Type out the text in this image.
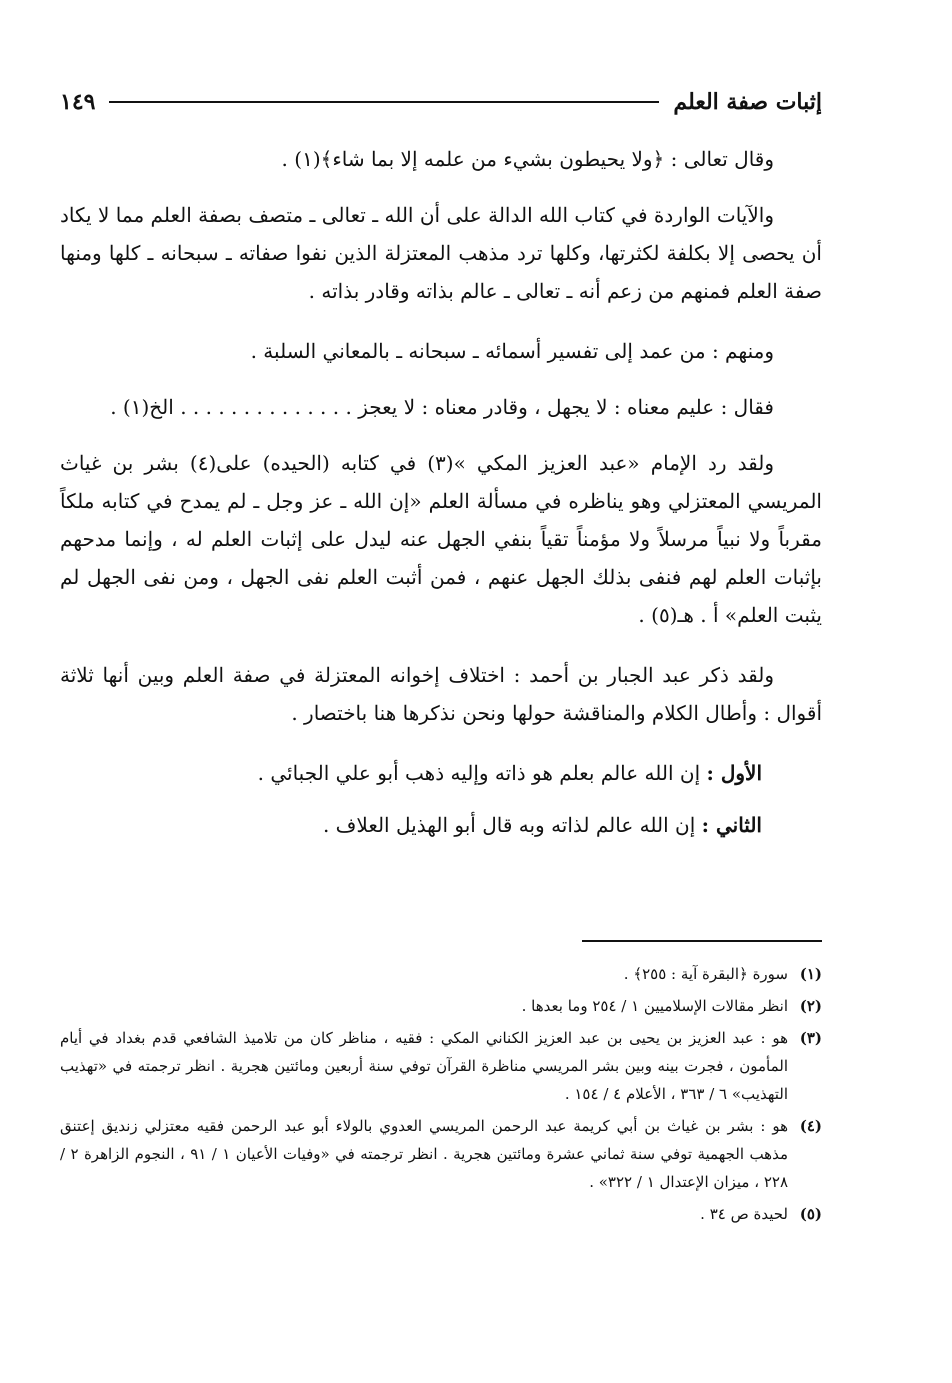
إثبات صفة العلم
١٤٩

وقال تعالى : ﴿ولا يحيطون بشيء من علمه إلا بما شاء﴾(١) .

والآيات الواردة في كتاب الله الدالة على أن الله ـ تعالى ـ متصف بصفة العلم مما لا يكاد أن يحصى إلا بكلفة لكثرتها، وكلها ترد مذهب المعتزلة الذين نفوا صفاته ـ سبحانه ـ كلها ومنها صفة العلم فمنهم من زعم أنه ـ تعالى ـ عالم بذاته وقادر بذاته .

ومنهم : من عمد إلى تفسير أسمائه ـ سبحانه ـ بالمعاني السلبة .

فقال : عليم معناه : لا يجهل ، وقادر معناه : لا يعجز . . . . . . . . . . . . . . الخ(١) .

ولقد رد الإمام «عبد العزيز المكي »(٣) في كتابه (الحيده) على(٤) بشر بن غياث المريسي المعتزلي وهو يناظره في مسألة العلم «إن الله ـ عز وجل ـ لم يمدح في كتابه ملكاً مقرباً ولا نبياً مرسلاً ولا مؤمناً تقياً بنفي الجهل عنه ليدل على إثبات العلم له ، وإنما مدحهم بإثبات العلم لهم فنفى بذلك الجهل عنهم ، فمن أثبت العلم نفى الجهل ، ومن نفى الجهل لم يثبت العلم» أ . هـ(٥) .

ولقد ذكر عبد الجبار بن أحمد : اختلاف إخوانه المعتزلة في صفة العلم وبين أنها ثلاثة أقوال : وأطال الكلام والمناقشة حولها ونحن نذكرها هنا باختصار .

الأول : إن الله عالم بعلم هو ذاته وإليه ذهب أبو علي الجبائي .

الثاني : إن الله عالم لذاته وبه قال أبو الهذيل العلاف .

(١)
سورة ﴿البقرة آية : ٢٥٥﴾ .
(٢)
انظر مقالات الإسلاميين ١ / ٢٥٤ وما بعدها .
(٣)
هو : عبد العزيز بن يحيى بن عبد العزيز الكناني المكي : فقيه ، مناظر كان من تلاميذ الشافعي قدم بغداد في أيام المأمون ، فجرت بينه وبين بشر المريسي مناظرة القرآن توفي سنة أربعين ومائتين هجرية . انظر ترجمته في «تهذيب التهذيب» ٦ / ٣٦٣ ، الأعلام ٤ / ١٥٤ .
(٤)
هو : بشر بن غياث بن أبي كريمة عبد الرحمن المريسي العدوي بالولاء أبو عبد الرحمن فقيه معتزلي زنديق إعتنق مذهب الجهمية توفي سنة ثماني عشرة ومائتين هجرية . انظر ترجمته في «وفيات الأعيان ١ / ٩١ ، النجوم الزاهرة ٢ / ٢٢٨ ، ميزان الإعتدال ١ / ٣٢٢» .
(٥)
لحيدة ص ٣٤ .
